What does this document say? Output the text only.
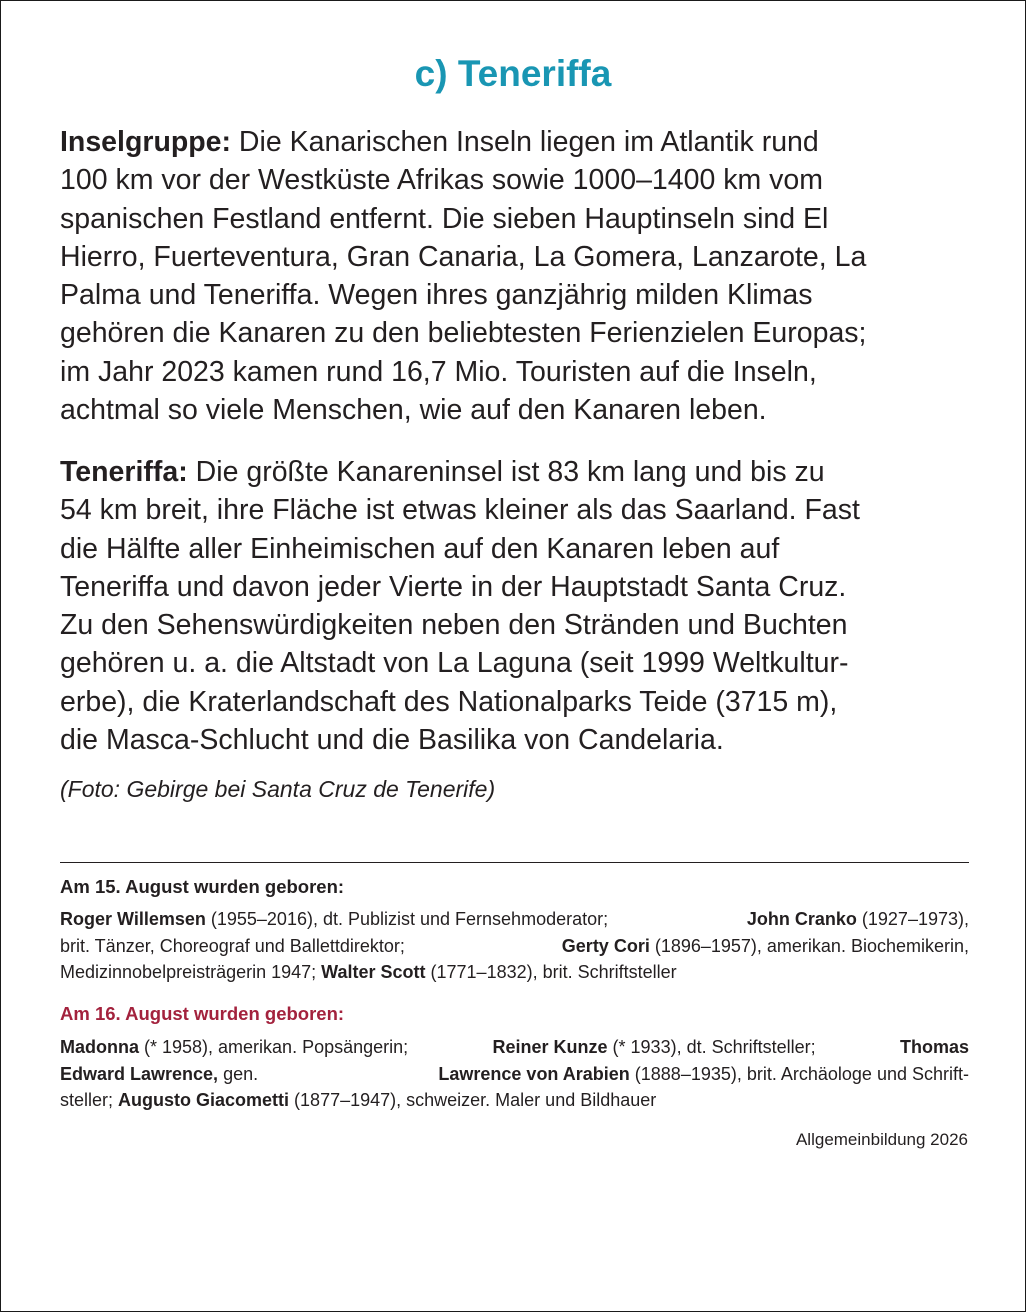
c) Teneriffa
Inselgruppe: Die Kanarischen Inseln liegen im Atlantik rund
100 km vor der Westküste Afrikas sowie 1000–1400 km vom
spanischen Festland entfernt. Die sieben Hauptinseln sind El
Hierro, Fuerteventura, Gran Canaria, La Gomera, Lanzarote, La
Palma und Teneriffa. Wegen ihres ganzjährig milden Klimas
gehören die Kanaren zu den beliebtesten Ferienzielen Europas;
im Jahr 2023 kamen rund 16,7 Mio. Touristen auf die Inseln,
achtmal so viele Menschen, wie auf den Kanaren leben.
Teneriffa: Die größte Kanareninsel ist 83 km lang und bis zu
54 km breit, ihre Fläche ist etwas kleiner als das Saarland. Fast
die Hälfte aller Einheimischen auf den Kanaren leben auf
Teneriffa und davon jeder Vierte in der Hauptstadt Santa Cruz.
Zu den Sehenswürdigkeiten neben den Stränden und Buchten
gehören u. a. die Altstadt von La Laguna (seit 1999 Weltkultur-
erbe), die Kraterlandschaft des Nationalparks Teide (3715 m),
die Masca-Schlucht und die Basilika von Candelaria.
(Foto: Gebirge bei Santa Cruz de Tenerife)
Am 15. August wurden geboren:
Roger Willemsen (1955–2016), dt. Publizist und Fernsehmoderator;	John Cranko (1927–1973),
brit. Tänzer, Choreograf und Ballettdirektor;	Gerty Cori (1896–1957), amerikan. Biochemikerin,
Medizinnobelpreisträgerin 1947; Walter Scott (1771–1832), brit. Schriftsteller
Am 16. August wurden geboren:
Madonna (* 1958), amerikan. Popsängerin;	Reiner Kunze (* 1933), dt. Schriftsteller;	Thomas
Edward Lawrence, gen.	Lawrence von Arabien (1888–1935), brit. Archäologe und Schrift-
steller; Augusto Giacometti (1877–1947), schweizer. Maler und Bildhauer
Allgemeinbildung 2026
